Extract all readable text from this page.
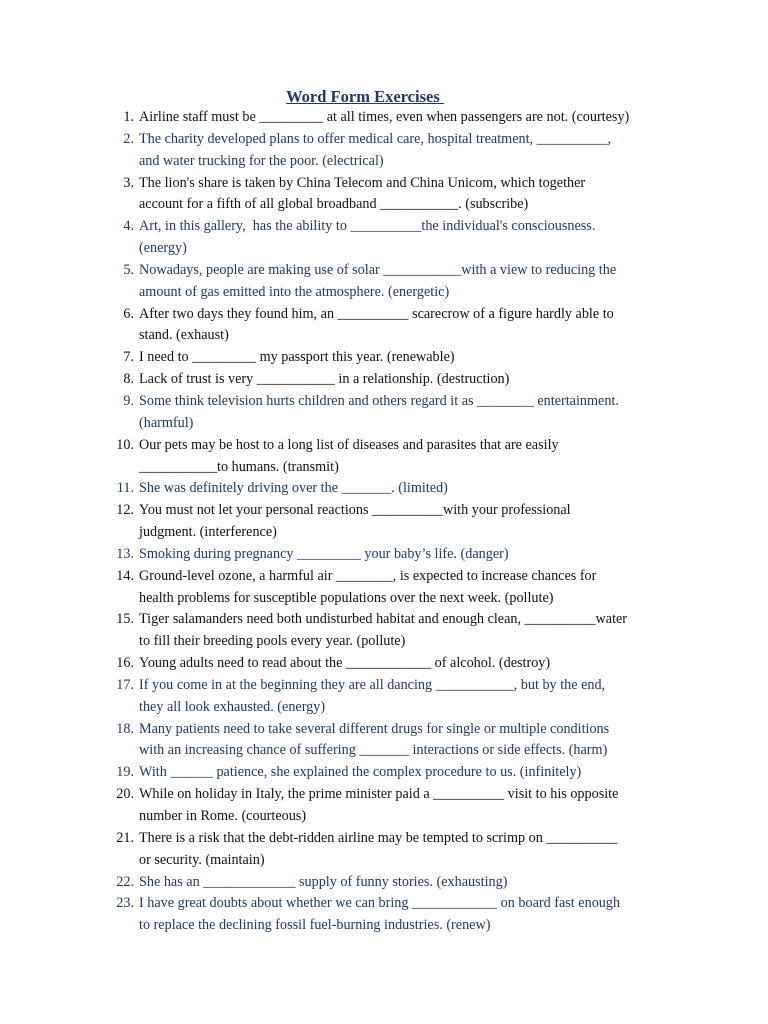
Word Form Exercises
1. Airline staff must be _________ at all times, even when passengers are not. (courtesy)
2. The charity developed plans to offer medical care, hospital treatment, __________,
and water trucking for the poor. (electrical)
3. The lion's share is taken by China Telecom and China Unicom, which together
account for a fifth of all global broadband ___________. (subscribe)
4. Art, in this gallery,  has the ability to __________the individual's consciousness.
(energy)
5. Nowadays, people are making use of solar ___________with a view to reducing the
amount of gas emitted into the atmosphere. (energetic)
6. After two days they found him, an __________ scarecrow of a figure hardly able to
stand. (exhaust)
7. I need to _________ my passport this year. (renewable)
8. Lack of trust is very ___________ in a relationship. (destruction)
9. Some think television hurts children and others regard it as ________ entertainment.
(harmful)
10. Our pets may be host to a long list of diseases and parasites that are easily
___________to humans. (transmit)
11. She was definitely driving over the _______. (limited)
12. You must not let your personal reactions __________with your professional
judgment. (interference)
13. Smoking during pregnancy _________ your baby’s life. (danger)
14. Ground-level ozone, a harmful air ________, is expected to increase chances for
health problems for susceptible populations over the next week. (pollute)
15. Tiger salamanders need both undisturbed habitat and enough clean, __________water
to fill their breeding pools every year. (pollute)
16. Young adults need to read about the ____________ of alcohol. (destroy)
17. If you come in at the beginning they are all dancing ___________, but by the end,
they all look exhausted. (energy)
18. Many patients need to take several different drugs for single or multiple conditions
with an increasing chance of suffering _______ interactions or side effects. (harm)
19. With ______ patience, she explained the complex procedure to us. (infinitely)
20. While on holiday in Italy, the prime minister paid a __________ visit to his opposite
number in Rome. (courteous)
21. There is a risk that the debt-ridden airline may be tempted to scrimp on __________
or security. (maintain)
22. She has an _____________ supply of funny stories. (exhausting)
23. I have great doubts about whether we can bring ____________ on board fast enough
to replace the declining fossil fuel-burning industries. (renew)
